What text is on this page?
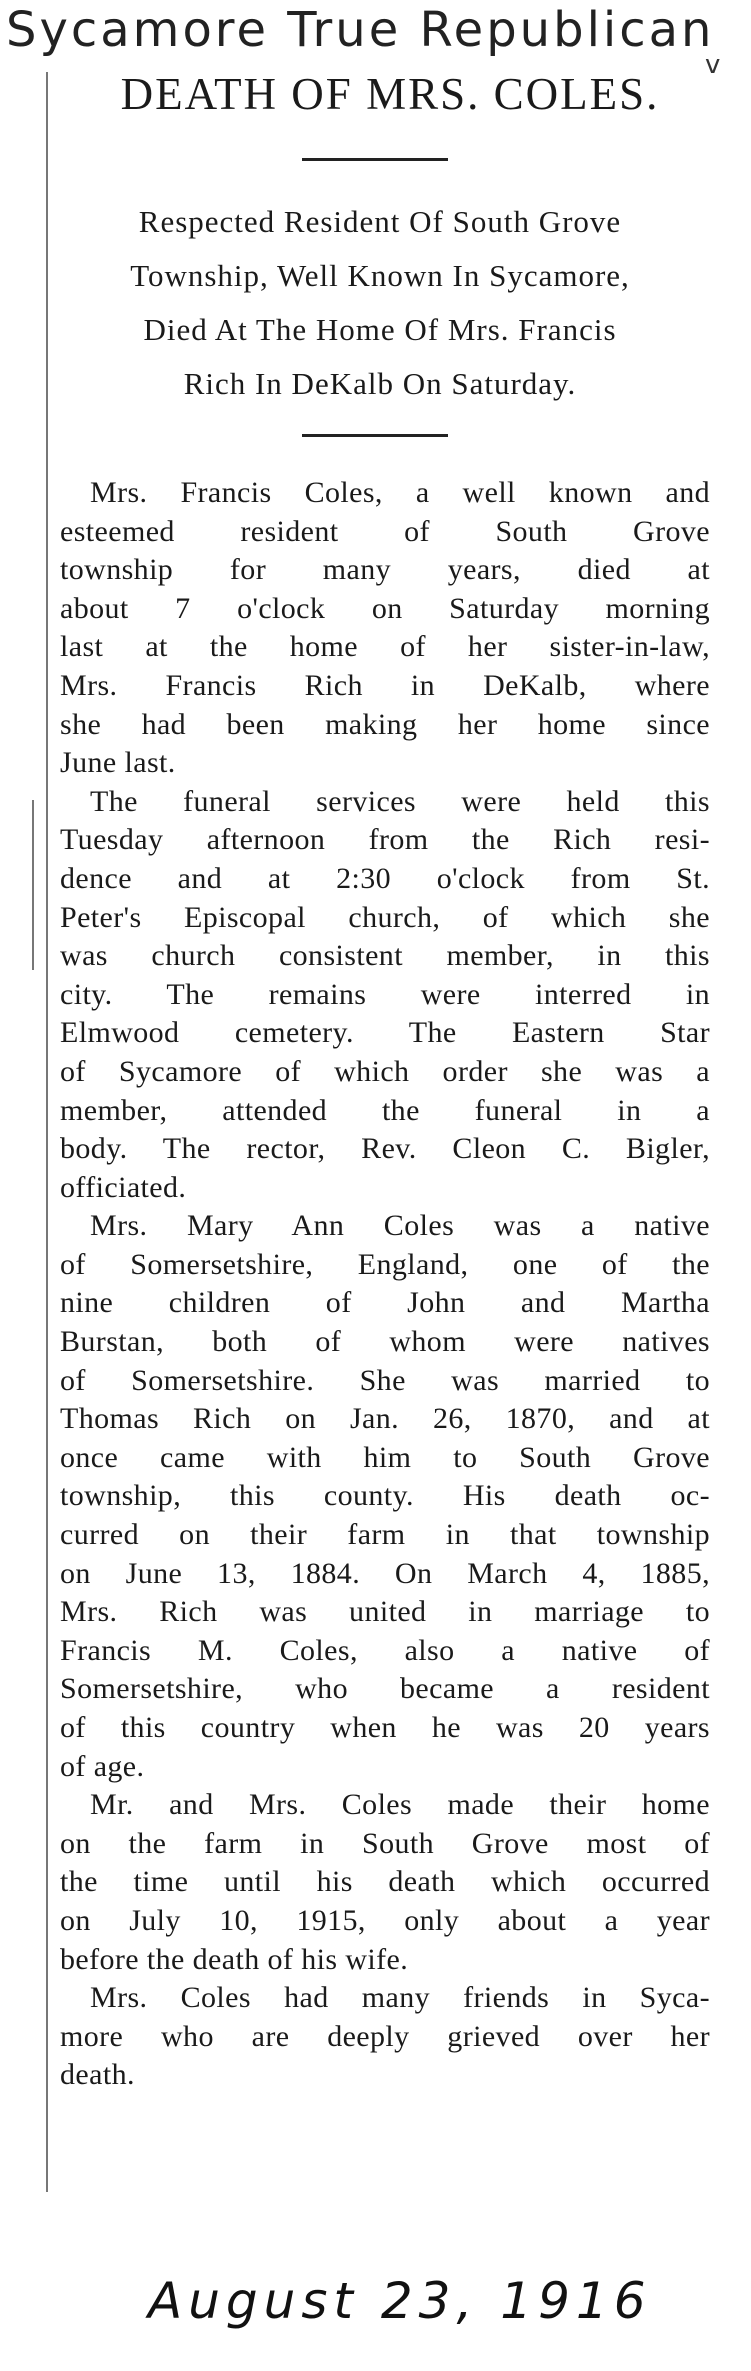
Sycamore True Republican
v
DEATH OF MRS. COLES.
Respected Resident Of South Grove
Township, Well Known In Sycamore,
Died At The Home Of Mrs. Francis
Rich In DeKalb On Saturday.
Mrs. Francis Coles, a well known and
esteemed resident of South Grove
township for many years, died at
about 7 o'clock on Saturday morning
last at the home of her sister-in-law,
Mrs. Francis Rich in DeKalb, where
she had been making her home since
June last.
The funeral services were held this
Tuesday afternoon from the Rich resi-
dence and at 2:30 o'clock from St.
Peter's Episcopal church, of which she
was church consistent member, in this
city. The remains were interred in
Elmwood cemetery. The Eastern Star
of Sycamore of which order she was a
member, attended the funeral in a
body. The rector, Rev. Cleon C. Bigler,
officiated.
Mrs. Mary Ann Coles was a native
of Somersetshire, England, one of the
nine children of John and Martha
Burstan, both of whom were natives
of Somersetshire. She was married to
Thomas Rich on Jan. 26, 1870, and at
once came with him to South Grove
township, this county. His death oc-
curred on their farm in that township
on June 13, 1884. On March 4, 1885,
Mrs. Rich was united in marriage to
Francis M. Coles, also a native of
Somersetshire, who became a resident
of this country when he was 20 years
of age.
Mr. and Mrs. Coles made their home
on the farm in South Grove most of
the time until his death which occurred
on July 10, 1915, only about a year
before the death of his wife.
Mrs. Coles had many friends in Syca-
more who are deeply grieved over her
death.
August 23, 1916
